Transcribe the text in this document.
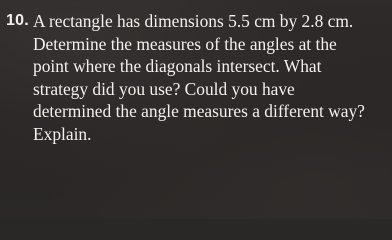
10. A rectangle has dimensions 5.5 cm by 2.8 cm.
Determine the measures of the angles at the
point where the diagonals intersect. What
strategy did you use? Could you have
determined the angle measures a different way?
Explain.
